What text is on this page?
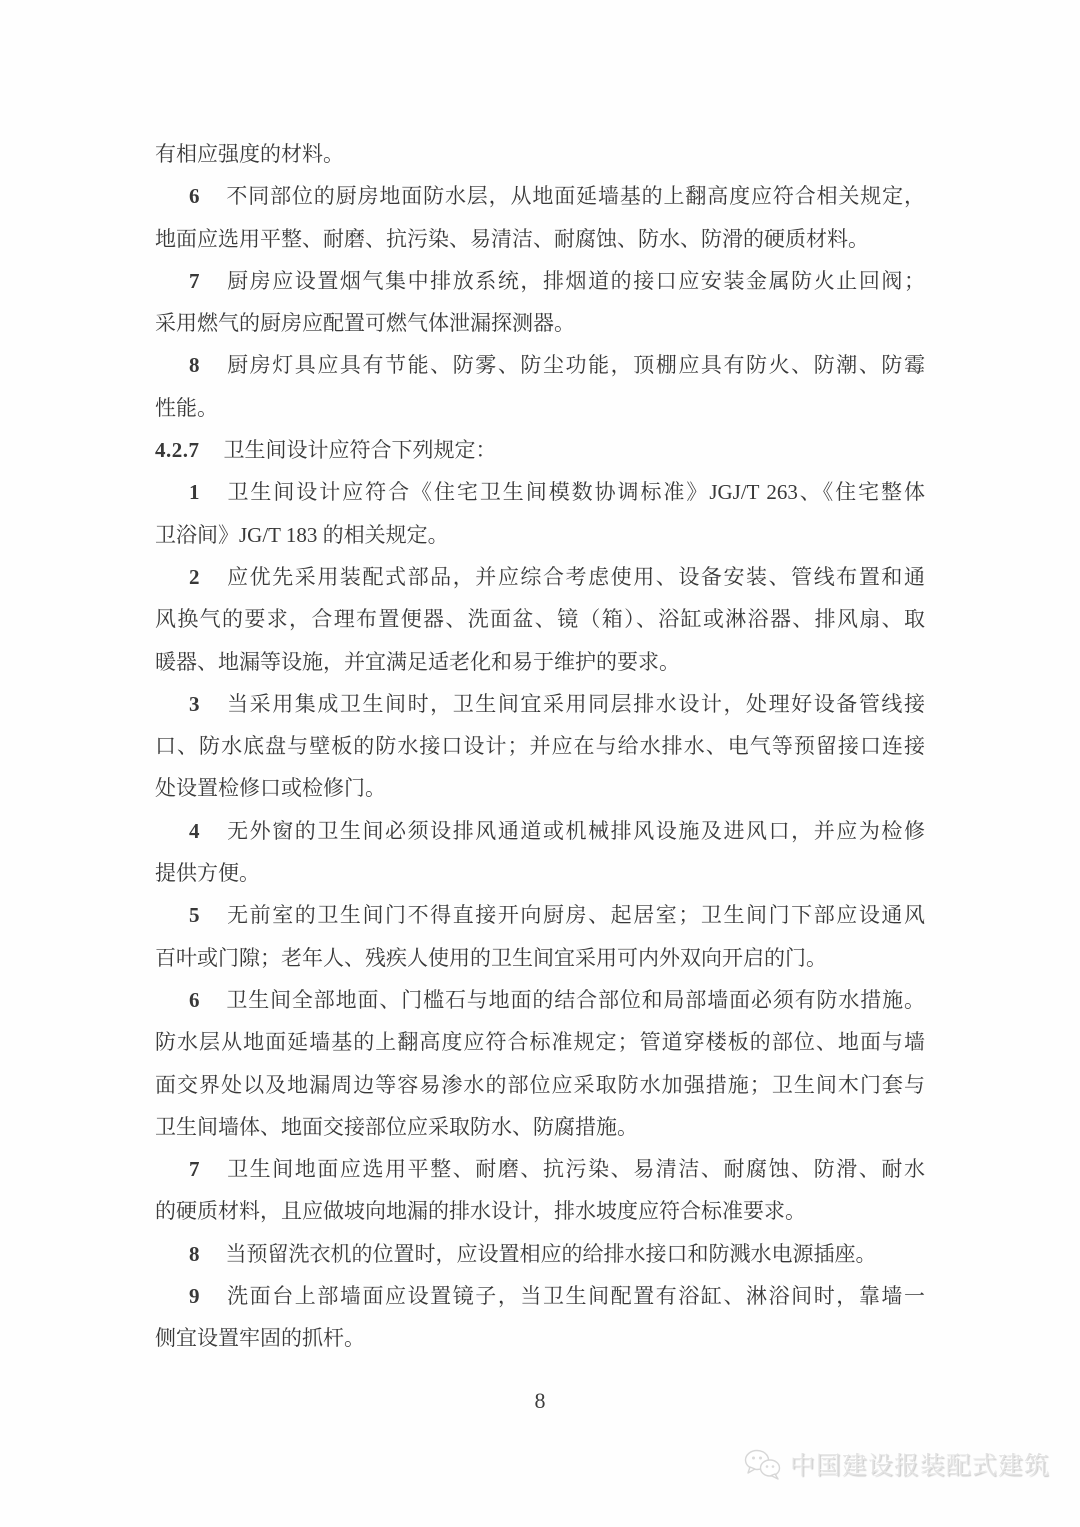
有相应强度的材料。
6 不同部位的厨房地面防水层，从地面延墙基的上翻高度应符合相关规定，
地面应选用平整、耐磨、抗污染、易清洁、耐腐蚀、防水、防滑的硬质材料。
7 厨房应设置烟气集中排放系统，排烟道的接口应安装金属防火止回阀；
采用燃气的厨房应配置可燃气体泄漏探测器。
8 厨房灯具应具有节能、防雾、防尘功能，顶棚应具有防火、防潮、防霉
性能。
4.2.7 卫生间设计应符合下列规定：
1 卫生间设计应符合《住宅卫生间模数协调标准》JGJ/T 263、《住宅整体
卫浴间》JG/T 183 的相关规定。
2 应优先采用装配式部品，并应综合考虑使用、设备安装、管线布置和通
风换气的要求，合理布置便器、洗面盆、镜（箱）、浴缸或淋浴器、排风扇、取
暖器、地漏等设施，并宜满足适老化和易于维护的要求。
3 当采用集成卫生间时，卫生间宜采用同层排水设计，处理好设备管线接
口、防水底盘与壁板的防水接口设计；并应在与给水排水、电气等预留接口连接
处设置检修口或检修门。
4 无外窗的卫生间必须设排风通道或机械排风设施及进风口，并应为检修
提供方便。
5 无前室的卫生间门不得直接开向厨房、起居室；卫生间门下部应设通风
百叶或门隙；老年人、残疾人使用的卫生间宜采用可内外双向开启的门。
6 卫生间全部地面、门槛石与地面的结合部位和局部墙面必须有防水措施。
防水层从地面延墙基的上翻高度应符合标准规定；管道穿楼板的部位、地面与墙
面交界处以及地漏周边等容易渗水的部位应采取防水加强措施；卫生间木门套与
卫生间墙体、地面交接部位应采取防水、防腐措施。
7 卫生间地面应选用平整、耐磨、抗污染、易清洁、耐腐蚀、防滑、耐水
的硬质材料，且应做坡向地漏的排水设计，排水坡度应符合标准要求。
8 当预留洗衣机的位置时，应设置相应的给排水接口和防溅水电源插座。
9 洗面台上部墙面应设置镜子，当卫生间配置有浴缸、淋浴间时，靠墙一
侧宜设置牢固的抓杆。
8
中国建设报装配式建筑
